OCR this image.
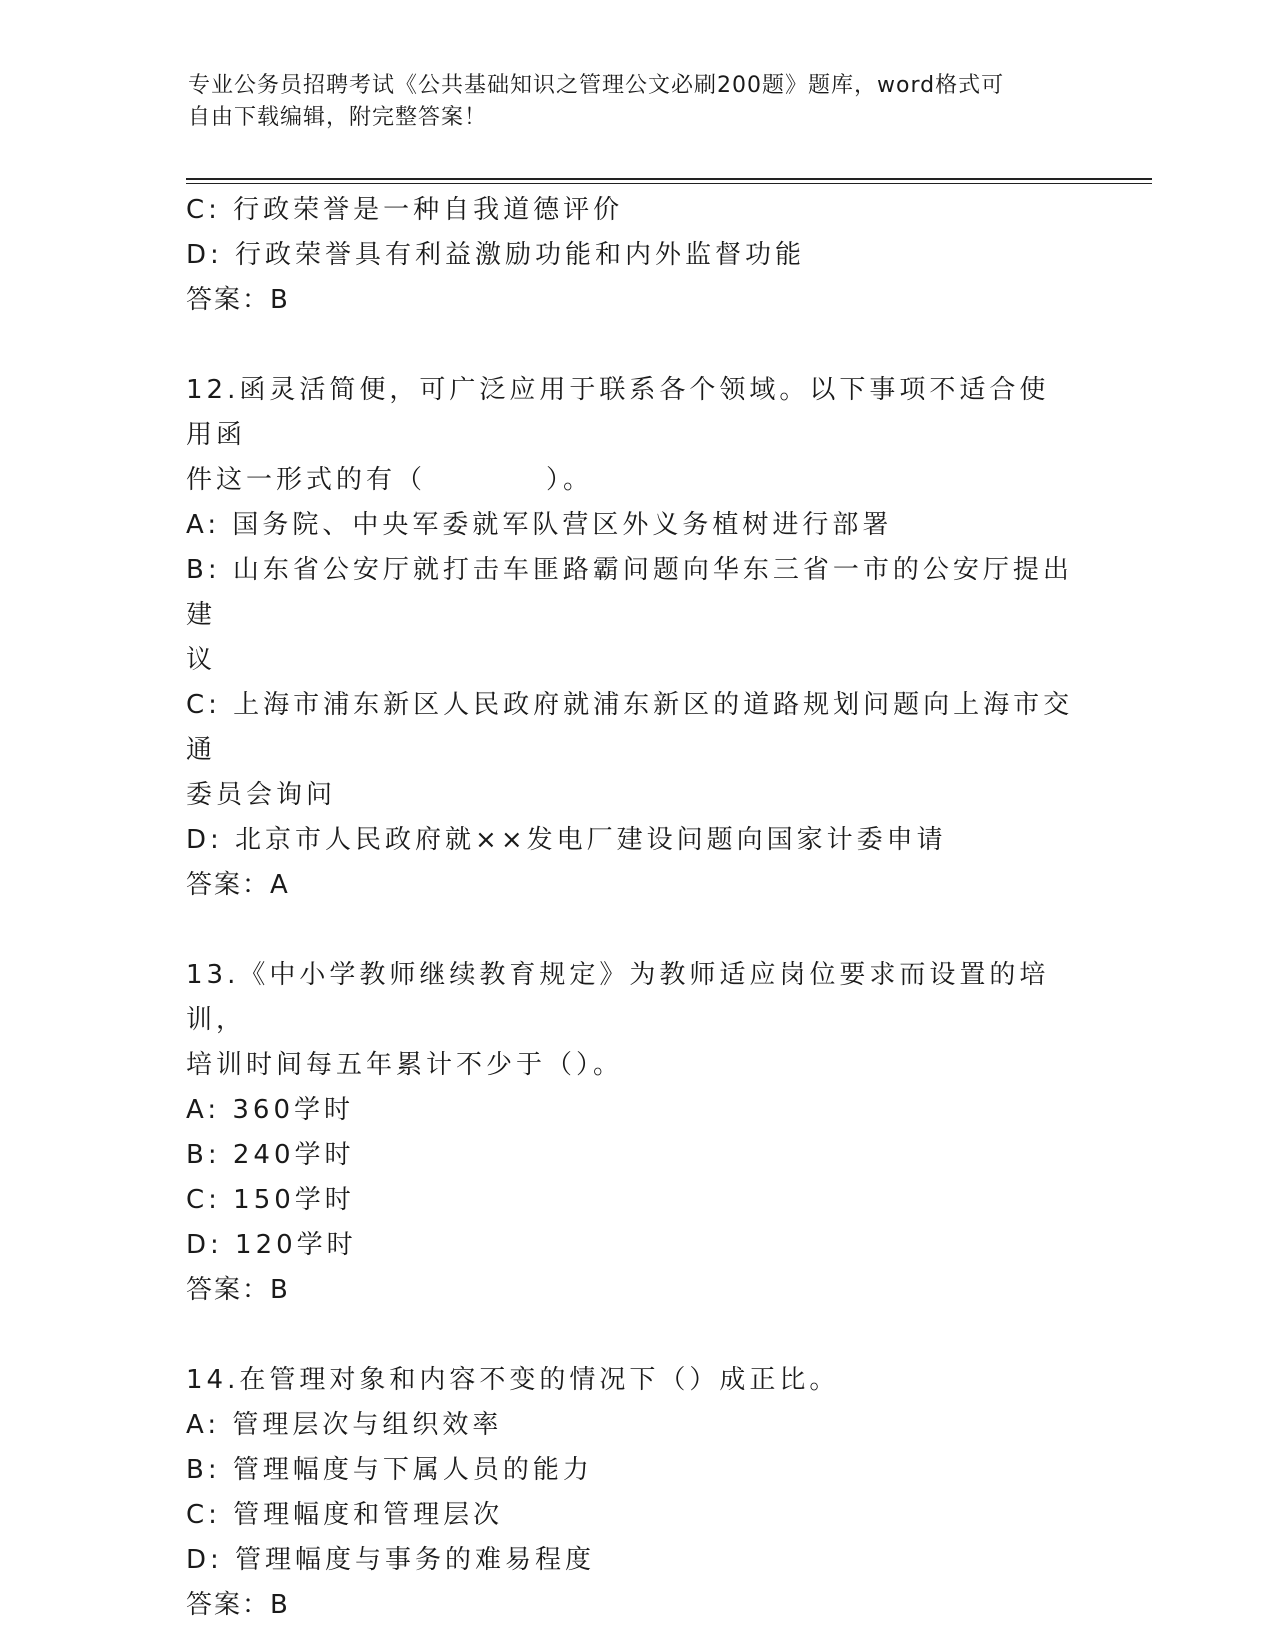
专业公务员招聘考试《公共基础知识之管理公文必刷200题》题库，word格式可
自由下载编辑，附完整答案！
C: 行政荣誉是一种自我道德评价
D: 行政荣誉具有利益激励功能和内外监督功能
答案：B
12.函灵活简便，可广泛应用于联系各个领域。以下事项不适合使用函
件这一形式的有（　　　　）。
A: 国务院、中央军委就军队营区外义务植树进行部署
B: 山东省公安厅就打击车匪路霸问题向华东三省一市的公安厅提出建
议
C: 上海市浦东新区人民政府就浦东新区的道路规划问题向上海市交通
委员会询问
D: 北京市人民政府就××发电厂建设问题向国家计委申请
答案：A
13.《中小学教师继续教育规定》为教师适应岗位要求而设置的培训，
培训时间每五年累计不少于（）。
A: 360学时
B: 240学时
C: 150学时
D: 120学时
答案：B
14.在管理对象和内容不变的情况下（）成正比。
A: 管理层次与组织效率
B: 管理幅度与下属人员的能力
C: 管理幅度和管理层次
D: 管理幅度与事务的难易程度
答案：B
